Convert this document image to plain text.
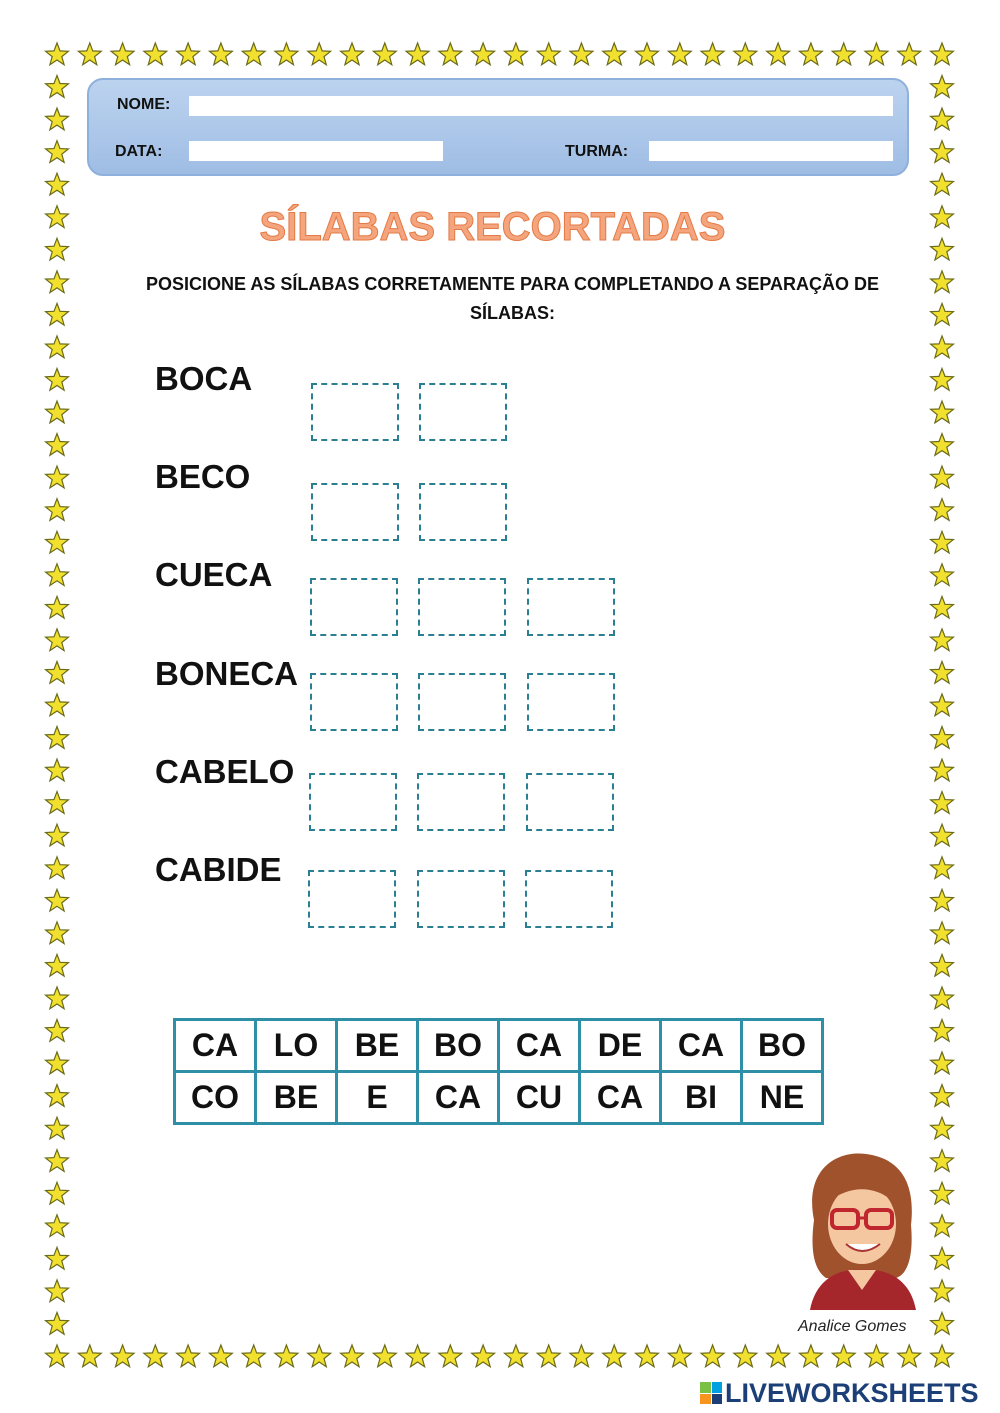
NOME:
DATA:	TURMA:
SÍLABAS RECORTADAS
POSICIONE AS SÍLABAS CORRETAMENTE PARA COMPLETANDO A SEPARAÇÃO DE SÍLABAS:
BOCA
BECO
CUECA
BONECA
CABELO
CABIDE
CA	LO	BE	BO	CA	DE	CA	BO
CO	BE	E	CA	CU	CA	BI	NE
Analice Gomes
LIVEWORKSHEETS
